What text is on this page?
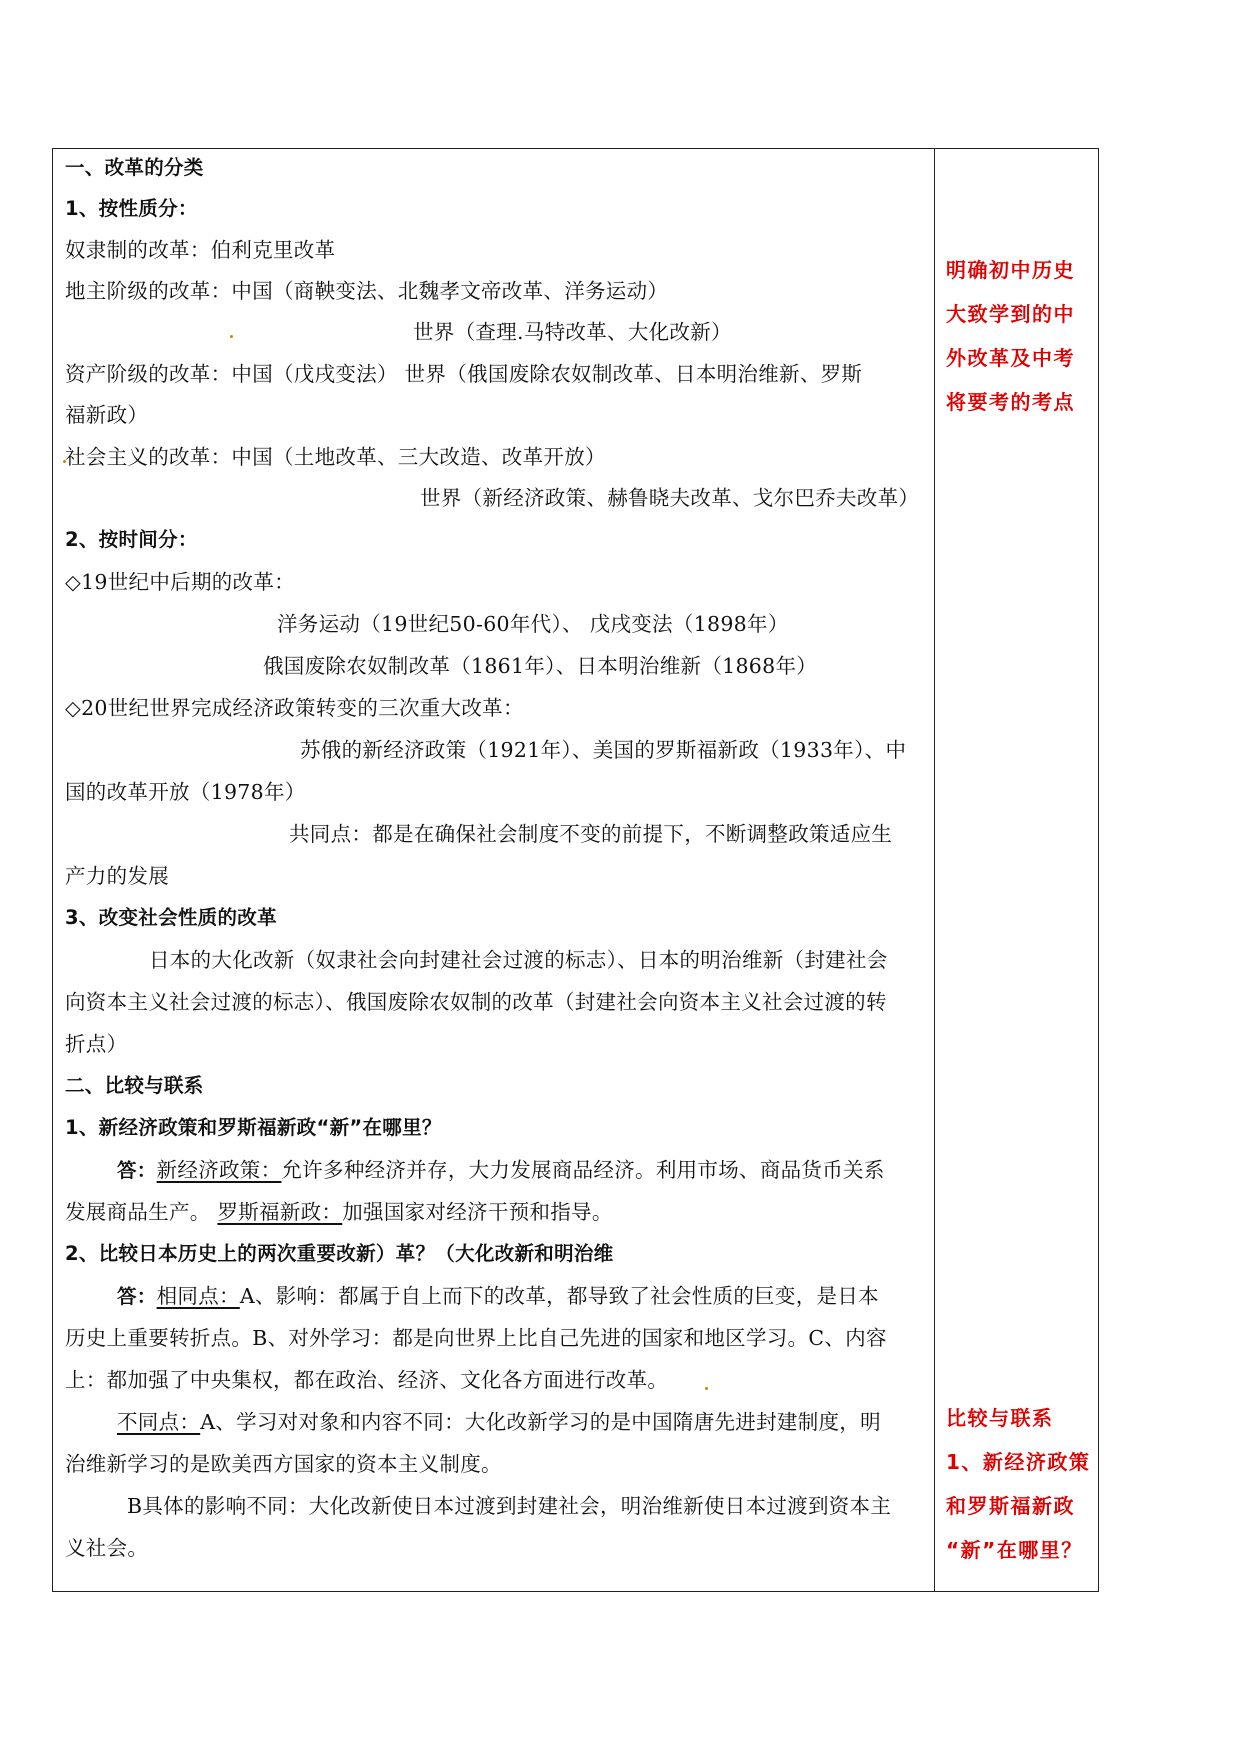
一、改革的分类
1、按性质分：
奴隶制的改革：伯利克里改革
地主阶级的改革：中国（商鞅变法、北魏孝文帝改革、洋务运动）
世界（查理.马特改革、大化改新）
资产阶级的改革：中国（戊戌变法） 世界（俄国废除农奴制改革、日本明治维新、罗斯
福新政）
社会主义的改革：中国（土地改革、三大改造、改革开放）
世界（新经济政策、赫鲁晓夫改革、戈尔巴乔夫改革）
2、按时间分：
◇19世纪中后期的改革：
洋务运动（19世纪50-60年代）、 戊戌变法（1898年）
俄国废除农奴制改革（1861年）、日本明治维新（1868年）
◇20世纪世界完成经济政策转变的三次重大改革：
苏俄的新经济政策（1921年）、美国的罗斯福新政（1933年）、中
国的改革开放（1978年）
共同点：都是在确保社会制度不变的前提下，不断调整政策适应生
产力的发展
3、改变社会性质的改革
日本的大化改新（奴隶社会向封建社会过渡的标志）、日本的明治维新（封建社会
向资本主义社会过渡的标志）、俄国废除农奴制的改革（封建社会向资本主义社会过渡的转
折点）
二、比较与联系
1、新经济政策和罗斯福新政“新”在哪里？
答：新经济政策：允许多种经济并存，大力发展商品经济。利用市场、商品货币关系
发展商品生产。 罗斯福新政：加强国家对经济干预和指导。
2、比较日本历史上的两次重要改新）革？（大化改新和明治维
答：相同点：A、影响：都属于自上而下的改革，都导致了社会性质的巨变，是日本
历史上重要转折点。B、对外学习：都是向世界上比自己先进的国家和地区学习。C、内容
上：都加强了中央集权，都在政治、经济、文化各方面进行改革。
不同点：A、学习对对象和内容不同：大化改新学习的是中国隋唐先进封建制度，明
治维新学习的是欧美西方国家的资本主义制度。
B具体的影响不同：大化改新使日本过渡到封建社会，明治维新使日本过渡到资本主
义社会。
明确初中历史
大致学到的中
外改革及中考
将要考的考点
比较与联系
1、新经济政策
和罗斯福新政
“新”在哪里？
